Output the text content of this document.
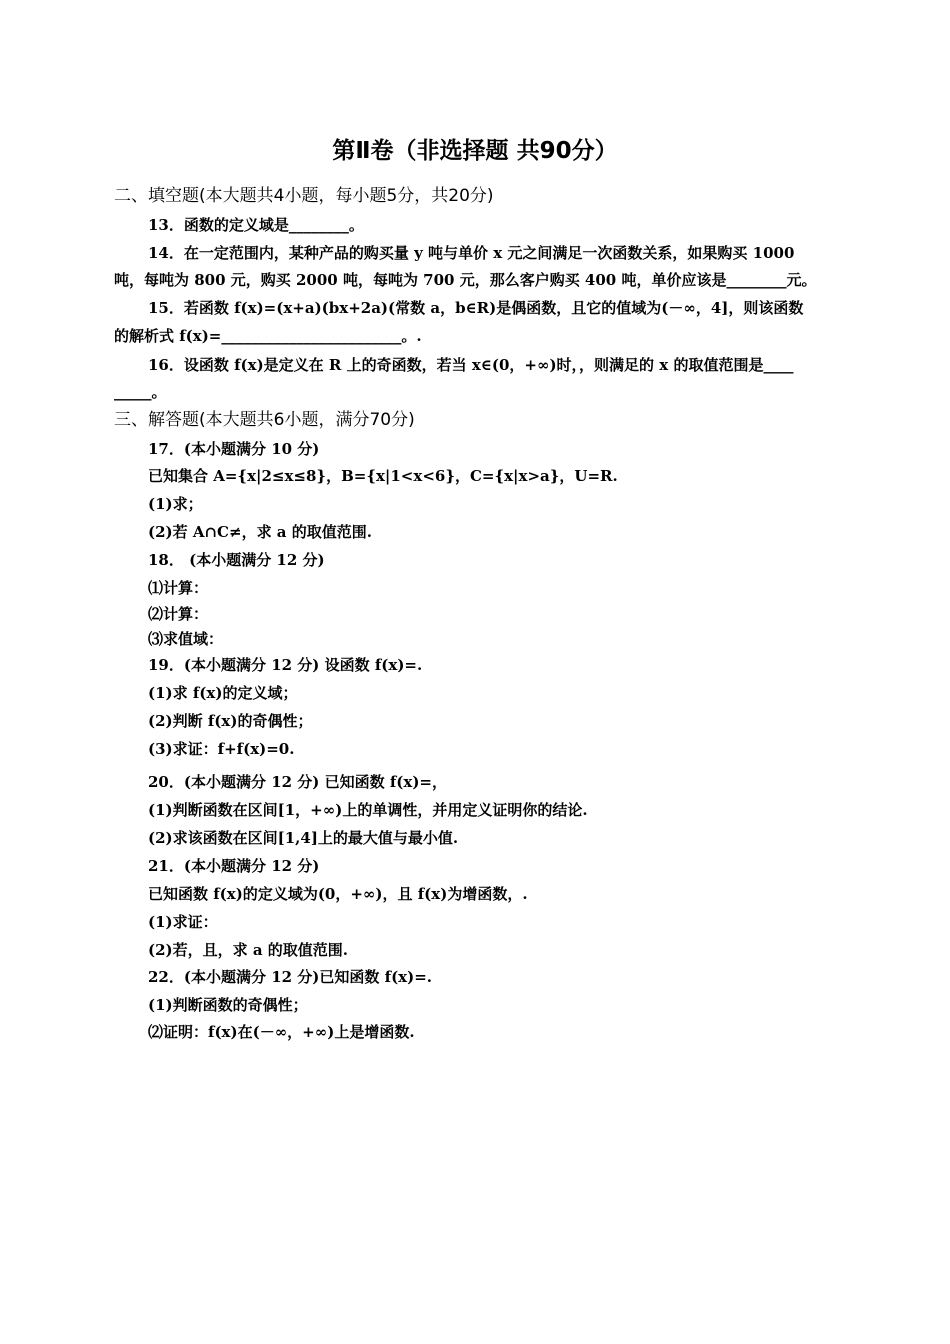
第Ⅱ卷（非选择题 共90分）
二、填空题(本大题共4小题，每小题5分，共20分)
13．函数的定义域是________。
14．在一定范围内，某种产品的购买量 y 吨与单价 x 元之间满足一次函数关系，如果购买 1000
吨，每吨为 800 元，购买 2000 吨，每吨为 700 元，那么客户购买 400 吨，单价应该是________元。
15．若函数 f(x)=(x+a)(bx+2a)(常数 a，b∈R)是偶函数，且它的值域为(－∞，4]，则该函数
的解析式 f(x)=________________________。.
16．设函数 f(x)是定义在 R 上的奇函数，若当 x∈(0，+∞)时，，则满足的 x 的取值范围是____
_____。
三、解答题(本大题共6小题，满分70分)
17．(本小题满分 10 分)
已知集合 A={x|2≤x≤8}，B={x|1<x<6}，C={x|x>a}，U=R.
(1)求；
(2)若 A∩C≠，求 a 的取值范围.
18． (本小题满分 12 分)
⑴计算：
⑵计算：
⑶求值域：
19．(本小题满分 12 分) 设函数 f(x)=.
(1)求 f(x)的定义域；
(2)判断 f(x)的奇偶性；
(3)求证：f+f(x)=0.
20．(本小题满分 12 分) 已知函数 f(x)=，
(1)判断函数在区间[1，+∞)上的单调性，并用定义证明你的结论.
(2)求该函数在区间[1,4]上的最大值与最小值.
21．(本小题满分 12 分)
已知函数 f(x)的定义域为(0，+∞)，且 f(x)为增函数，.
(1)求证：
(2)若，且，求 a 的取值范围.
22．(本小题满分 12 分)已知函数 f(x)=.
(1)判断函数的奇偶性；
⑵证明：f(x)在(－∞，+∞)上是增函数.
